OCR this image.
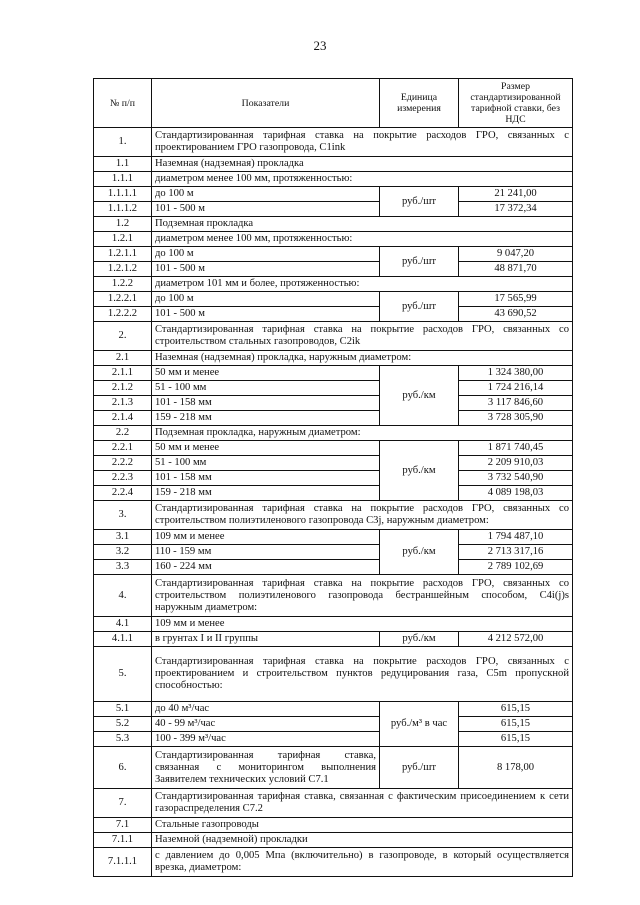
23
№ п/п	Показатели	Единица измерения	Размер стандартизированной тарифной ставки, без НДС
1.	Стандартизированная тарифная ставка на покрытие расходов ГРО, связанных с проектированием ГРО газопровода, C1ink		
1.1	Наземная (надземная) прокладка		
1.1.1	диаметром менее 100 мм, протяженностью:		
1.1.1.1	до 100 м	руб./шт	21 241,00
1.1.1.2	101 - 500 м		17 372,34
1.2	Подземная прокладка		
1.2.1	диаметром менее 100 мм, протяженностью:		
1.2.1.1	до 100 м	руб./шт	9 047,20
1.2.1.2	101 - 500 м		48 871,70
1.2.2	диаметром 101 мм и более, протяженностью:		
1.2.2.1	до 100 м	руб./шт	17 565,99
1.2.2.2	101 - 500 м		43 690,52
2.	Стандартизированная тарифная ставка на покрытие расходов ГРО, связанных со строительством стальных газопроводов, C2ik		
2.1	Наземная (надземная) прокладка, наружным диаметром:		
2.1.1	50 мм и менее	руб./км	1 324 380,00
2.1.2	51 - 100 мм		1 724 216,14
2.1.3	101 - 158 мм		3 117 846,60
2.1.4	159 - 218 мм		3 728 305,90
2.2	Подземная прокладка, наружным диаметром:		
2.2.1	50 мм и менее	руб./км	1 871 740,45
2.2.2	51 - 100 мм		2 209 910,03
2.2.3	101 - 158 мм		3 732 540,90
2.2.4	159 - 218 мм		4 089 198,03
3.	Стандартизированная тарифная ставка на покрытие расходов ГРО, связанных со строительством полиэтиленового газопровода C3j, наружным диаметром:		
3.1	109 мм и менее	руб./км	1 794 487,10
3.2	110 - 159 мм		2 713 317,16
3.3	160 - 224 мм		2 789 102,69
4.	Стандартизированная тарифная ставка на покрытие расходов ГРО, связанных со строительством полиэтиленового газопровода бестраншейным способом, C4i(j)s наружным диаметром:		
4.1	109 мм и менее		
4.1.1	в грунтах I и II группы	руб./км	4 212 572,00
5.	Стандартизированная тарифная ставка на покрытие расходов ГРО, связанных с проектированием и строительством пунктов редуцирования газа, C5m пропускной способностью:		
5.1	до 40 м³/час	руб./м³ в час	615,15
5.2	40 - 99 м³/час		615,15
5.3	100 - 399 м³/час		615,15
6.	Стандартизированная тарифная ставка, связанная с мониторингом выполнения Заявителем технических условий C7.1	руб./шт	8 178,00
7.	Стандартизированная тарифная ставка, связанная с фактическим присоединением к сети газораспределения C7.2		
7.1	Стальные газопроводы		
7.1.1	Наземной (надземной) прокладки		
7.1.1.1	с давлением до 0,005 Мпа (включительно) в газопроводе, в который осуществляется врезка, диаметром:		
